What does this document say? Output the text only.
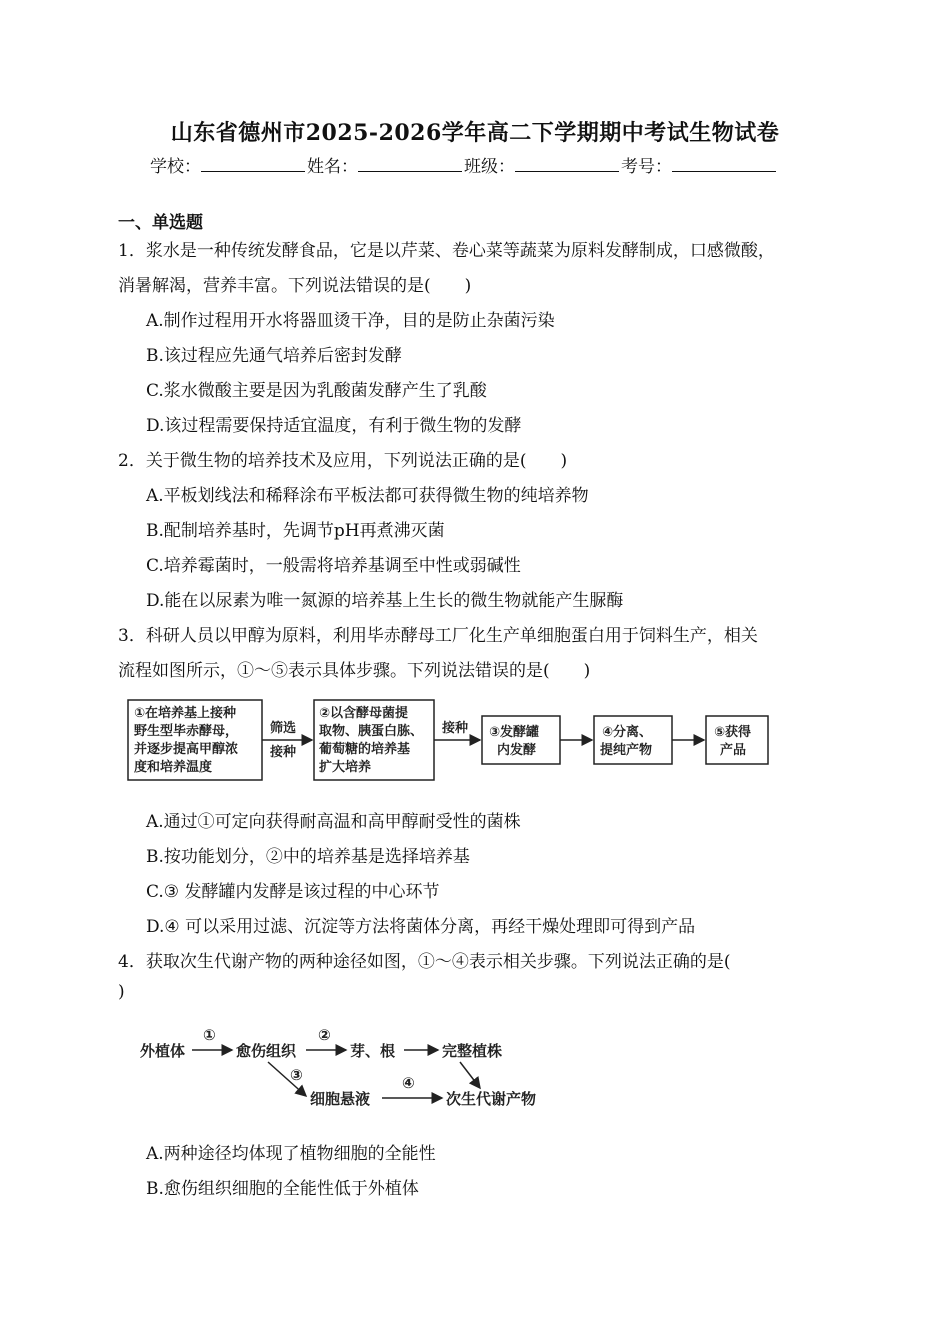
山东省德州市2025-2026学年高二下学期期中考试生物试卷
学校：	姓名：	班级：	考号：
一、单选题
1．浆水是一种传统发酵食品，它是以芹菜、卷心菜等蔬菜为原料发酵制成，口感微酸，
消暑解渴，营养丰富。下列说法错误的是(　　)
A.制作过程用开水将器皿烫干净，目的是防止杂菌污染
B.该过程应先通气培养后密封发酵
C.浆水微酸主要是因为乳酸菌发酵产生了乳酸
D.该过程需要保持适宜温度，有利于微生物的发酵
2．关于微生物的培养技术及应用，下列说法正确的是(　　)
A.平板划线法和稀释涂布平板法都可获得微生物的纯培养物
B.配制培养基时，先调节pH再煮沸灭菌
C.培养霉菌时，一般需将培养基调至中性或弱碱性
D.能在以尿素为唯一氮源的培养基上生长的微生物就能产生脲酶
3．科研人员以甲醇为原料，利用毕赤酵母工厂化生产单细胞蛋白用于饲料生产，相关
流程如图所示，①～⑤表示具体步骤。下列说法错误的是(　　)
①在培养基上接种
野生型毕赤酵母，
并逐步提高甲醇浓
度和培养温度
筛选
接种
②以含酵母菌提
取物、胰蛋白胨、
葡萄糖的培养基
扩大培养
接种 ③发酵罐
内发酵
④分离、
提纯产物
⑤获得
产品
A.通过①可定向获得耐高温和高甲醇耐受性的菌株
B.按功能划分，②中的培养基是选择培养基
C.③ 发酵罐内发酵是该过程的中心环节
D.④ 可以采用过滤、沉淀等方法将菌体分离，再经干燥处理即可得到产品
4．获取次生代谢产物的两种途径如图，①～④表示相关步骤。下列说法正确的是(
)
外植体
①
愈伤组织
②
芽、根	完整植株
③
细胞悬液
④
次生代谢产物
A.两种途径均体现了植物细胞的全能性
B.愈伤组织细胞的全能性低于外植体
